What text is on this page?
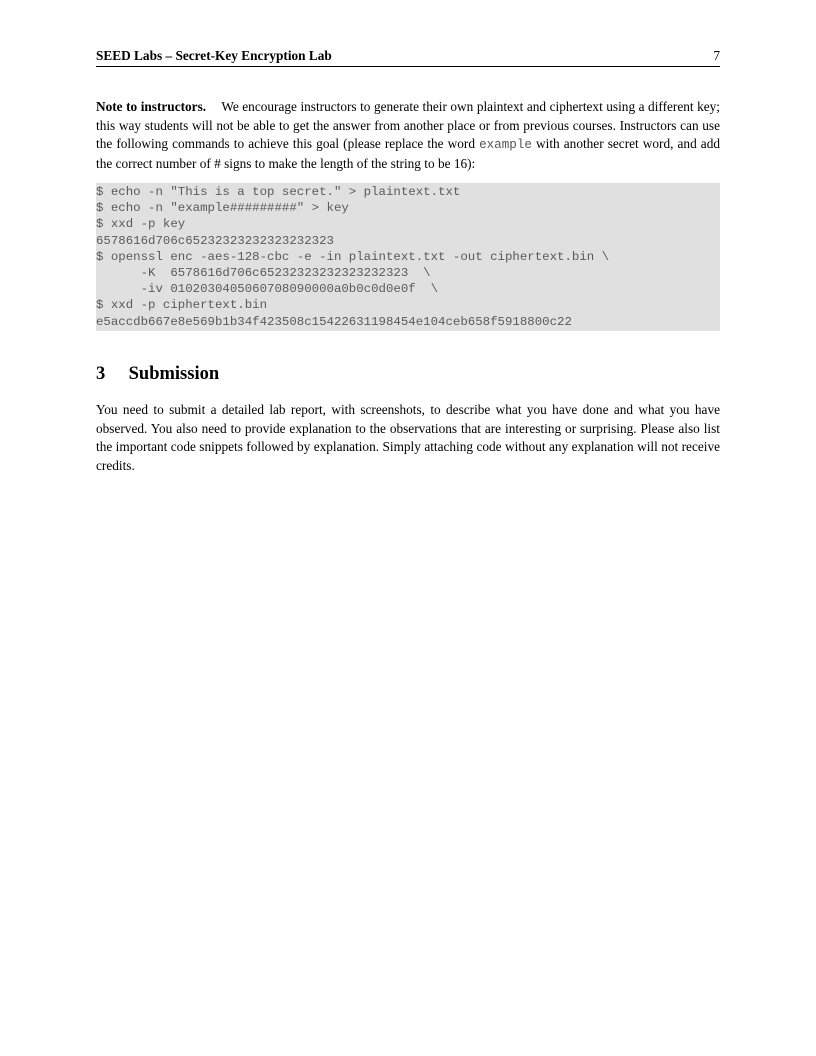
SEED Labs – Secret-Key Encryption Lab	7
Note to instructors. We encourage instructors to generate their own plaintext and ciphertext using a different key; this way students will not be able to get the answer from another place or from previous courses. Instructors can use the following commands to achieve this goal (please replace the word example with another secret word, and add the correct number of # signs to make the length of the string to be 16):
$ echo -n "This is a top secret." > plaintext.txt
$ echo -n "example#########" > key
$ xxd -p key
6578616d706c65232323232323232323
$ openssl enc -aes-128-cbc -e -in plaintext.txt -out ciphertext.bin \
-K  6578616d706c65232323232323232323  \
-iv 0102030405060708090000a0b0c0d0e0f  \
$ xxd -p ciphertext.bin
e5accdb667e8e569b1b34f423508c15422631198454e104ceb658f5918800c22
3 Submission
You need to submit a detailed lab report, with screenshots, to describe what you have done and what you have observed. You also need to provide explanation to the observations that are interesting or surprising. Please also list the important code snippets followed by explanation. Simply attaching code without any explanation will not receive credits.
